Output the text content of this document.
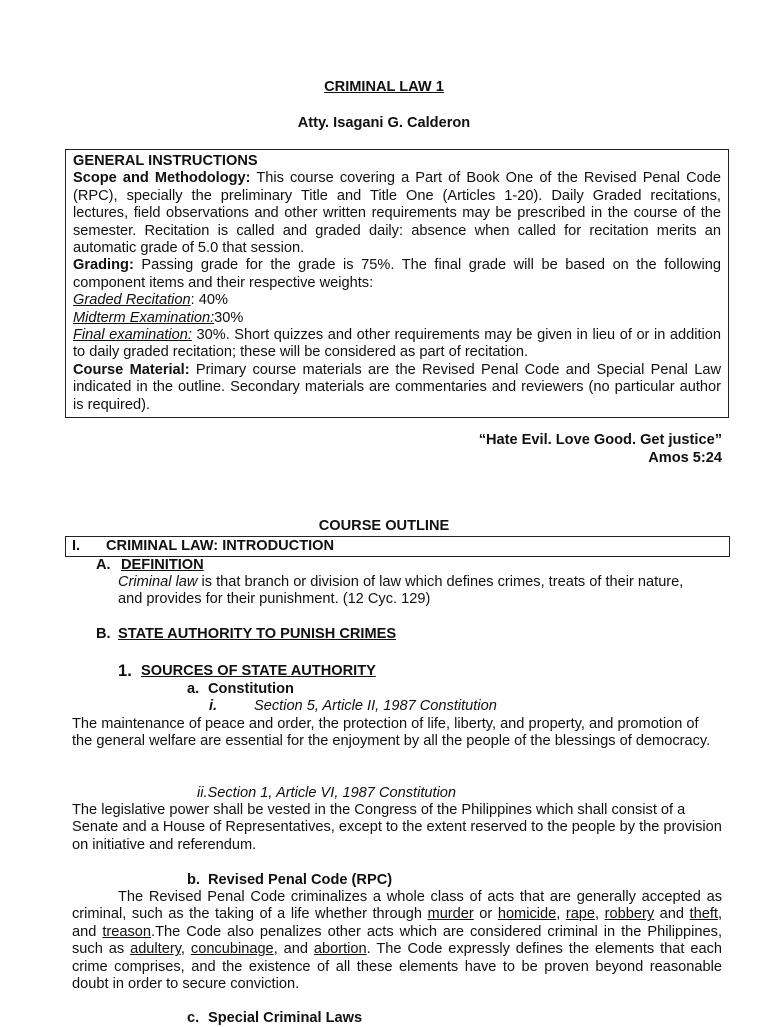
CRIMINAL LAW 1
Atty. Isagani G. Calderon

GENERAL INSTRUCTIONS

Scope and Methodology: This course covering a Part of Book One of the Revised Penal Code (RPC), specially the preliminary Title and Title One (Articles 1-20). Daily Graded recitations, lectures, field observations and other written requirements may be prescribed in the course of the semester. Recitation is called and graded daily: absence when called for recitation merits an automatic grade of 5.0 that session.

Grading: Passing grade for the grade is 75%. The final grade will be based on the following component items and their respective weights:

Graded Recitation: 40%

Midterm Examination:30%

Final examination: 30%. Short quizzes and other requirements may be given in lieu of or in addition to daily graded recitation; these will be considered as part of recitation.

Course Material: Primary course materials are the Revised Penal Code and Special Penal Law indicated in the outline. Secondary materials are commentaries and reviewers (no particular author is required).

“Hate Evil. Love Good. Get justice”
Amos 5:24
COURSE OUTLINE
I. CRIMINAL LAW: INTRODUCTION
A. DEFINITION
Criminal law is that branch or division of law which defines crimes, treats of their nature, and provides for their punishment. (12 Cyc. 129)
B. STATE AUTHORITY TO PUNISH CRIMES
1. SOURCES OF STATE AUTHORITY
a. Constitution
i.	Section 5, Article II, 1987 Constitution
The maintenance of peace and order, the protection of life, liberty, and property, and promotion of the general welfare are essential for the enjoyment by all the people of the blessings of democracy.
ii.Section 1, Article VI, 1987 Constitution
The legislative power shall be vested in the Congress of the Philippines which shall consist of a Senate and a House of Representatives, except to the extent reserved to the people by the provision on initiative and referendum.
b. Revised Penal Code (RPC)
The Revised Penal Code criminalizes a whole class of acts that are generally accepted as criminal, such as the taking of a life whether through murder or homicide, rape, robbery and theft, and treason.The Code also penalizes other acts which are considered criminal in the Philippines, such as adultery, concubinage, and abortion. The Code expressly defines the elements that each crime comprises, and the existence of all these elements have to be proven beyond reasonable doubt in order to secure conviction.
c. Special Criminal Laws
